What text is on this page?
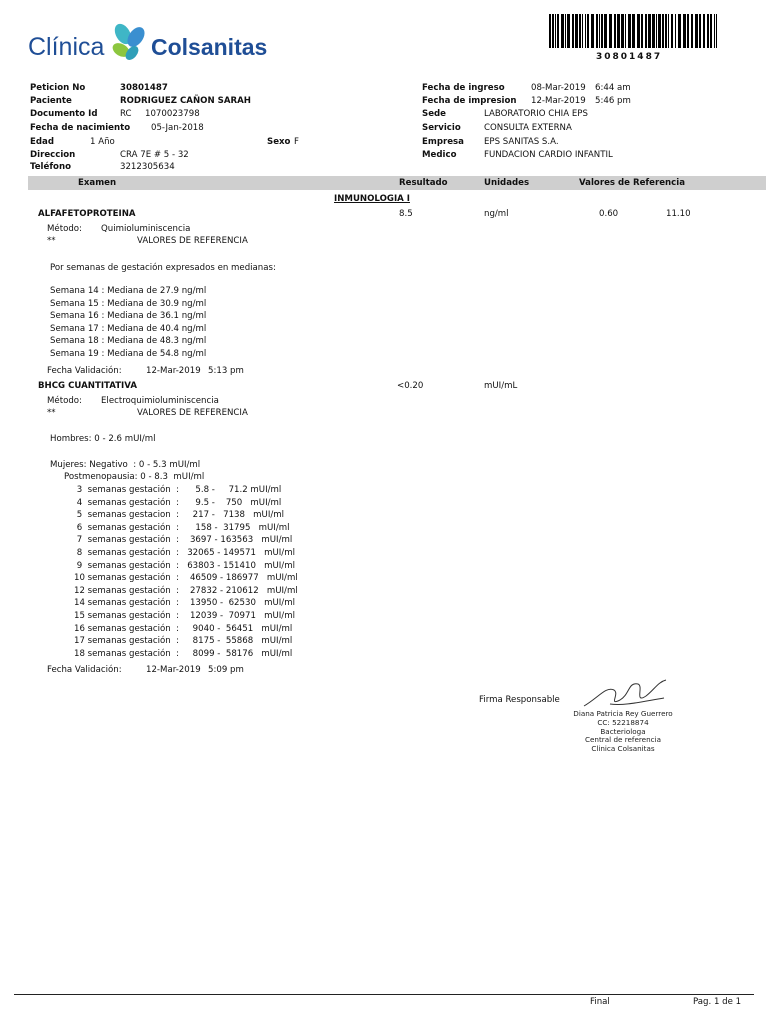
Clínica Colsanitas	30801487
Peticion No	30801487
Paciente	RODRIGUEZ CAÑON SARAH
Documento Id	RC 1070023798
Fecha de nacimiento 05-Jan-2018
Edad	1 Año	Sexo F
Direccion	CRA 7E # 5 - 32
Teléfono	3212305634
Fecha de ingreso	08-Mar-2019 6:44 am
Fecha de impresion 12-Mar-2019 5:46 pm
Sede	LABORATORIO CHIA EPS
Servicio	CONSULTA EXTERNA
Empresa EPS SANITAS S.A.
Medico	FUNDACION CARDIO INFANTIL
Examen	Resultado	Unidades	Valores de Referencia
INMUNOLOGIA I
ALFAFETOPROTEINA	8.5	ng/ml	0.60	11.10
Método: Quimioluminiscencia
**	VALORES DE REFERENCIA
Por semanas de gestación expresados en medianas:
Semana 14 : Mediana de 27.9 ng/ml
Semana 15 : Mediana de 30.9 ng/ml
Semana 16 : Mediana de 36.1 ng/ml
Semana 17 : Mediana de 40.4 ng/ml
Semana 18 : Mediana de 48.3 ng/ml
Semana 19 : Mediana de 54.8 ng/ml
Fecha Validación:	12-Mar-2019 5:13 pm
BHCG CUANTITATIVA	<0.20	mUI/mL
Método: Electroquimioluminiscencia
**	VALORES DE REFERENCIA
Hombres: 0 - 2.6 mUI/ml
Mujeres: Negativo  : 0 - 5.3 mUI/ml
Postmenopausia: 0 - 8.3  mUI/ml
3  semanas gestación  :      5.8 -     71.2 mUI/ml
4  semanas gestación  :      9.5 -    750   mUI/ml
5  semanas gestacion  :     217 -   7138   mUI/ml
6  semanas gestación  :      158 -  31795   mUI/ml
7  semanas gestación  :    3697 - 163563   mUI/ml
8  semanas gestación  :   32065 - 149571   mUI/ml
9  semanas gestación  :   63803 - 151410   mUI/ml
10 semanas gestación  :    46509 - 186977   mUI/ml
12 semanas gestación  :    27832 - 210612   mUI/ml
14 semanas gestación  :    13950 -  62530   mUI/ml
15 semanas gestación  :    12039 -  70971   mUI/ml
16 semanas gestación  :     9040 -  56451   mUI/ml
17 semanas gestación  :     8175 -  55868   mUI/ml
18 semanas gestación  :     8099 -  58176   mUI/ml
Fecha Validación:	12-Mar-2019 5:09 pm
Firma Responsable
Diana Patricia Rey Guerrero
CC: 52218874
Bacteriologa
Central de referencia
Clinica Colsanitas
Final	Pag. 1 de 1
